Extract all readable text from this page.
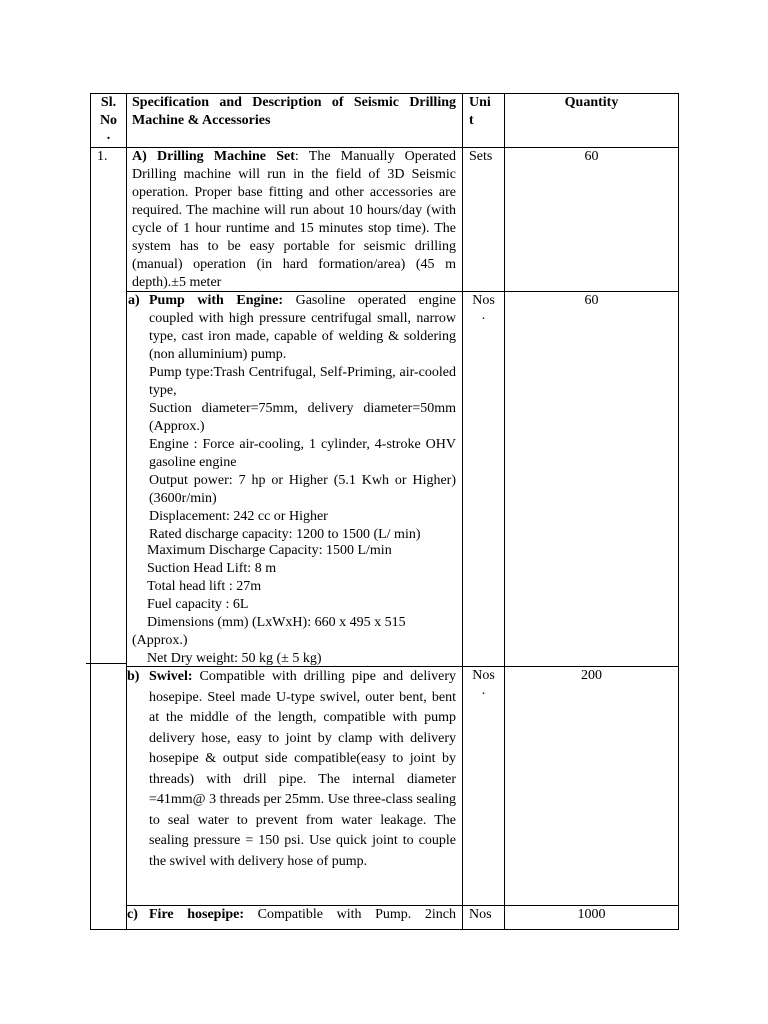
Sl.
No
.
Specification and Description of Seismic Drilling Machine & Accessories
Uni
t
Quantity
1. A) Drilling Machine Set: The Manually Operated Drilling machine will run in the field of 3D Seismic operation. Proper base fitting and other accessories are required. The machine will run about 10 hours/day (with cycle of 1 hour runtime and 15 minutes stop time). The system has to be easy portable for seismic drilling (manual) operation (in hard formation/area) (45 m depth).±5 meter
Sets	60
a) Pump with Engine: Gasoline operated engine coupled with high pressure centrifugal small, narrow type, cast iron made, capable of welding & soldering (non alluminium) pump.
Pump type:Trash Centrifugal, Self-Priming, air-cooled type,
Suction diameter=75mm, delivery diameter=50mm (Approx.)
Engine : Force air-cooling, 1 cylinder, 4-stroke OHV gasoline engine
Output power: 7 hp or Higher (5.1 Kwh or Higher) (3600r/min)
Displacement: 242 cc or Higher
Rated discharge capacity: 1200 to 1500 (L/ min)
Maximum Discharge Capacity: 1500 L/min
Suction Head Lift: 8 m
Total head lift : 27m
Fuel capacity : 6L
Dimensions (mm) (LxWxH): 660 x 495 x 515
(Approx.)
Net Dry weight: 50 kg (± 5 kg)
Nos
.
60
b) Swivel: Compatible with drilling pipe and delivery hosepipe. Steel made U-type swivel, outer bent, bent at the middle of the length, compatible with pump delivery hose, easy to joint by clamp with delivery hosepipe & output side compatible(easy to joint by threads) with drill pipe. The internal diameter =41mm@ 3 threads per 25mm. Use three-class sealing to seal water to prevent from water leakage. The sealing pressure = 150 psi. Use quick joint to couple the swivel with delivery hose of pump.

Nos
.
200
c) Fire hosepipe: Compatible with Pump. 2inch Nos	1000
